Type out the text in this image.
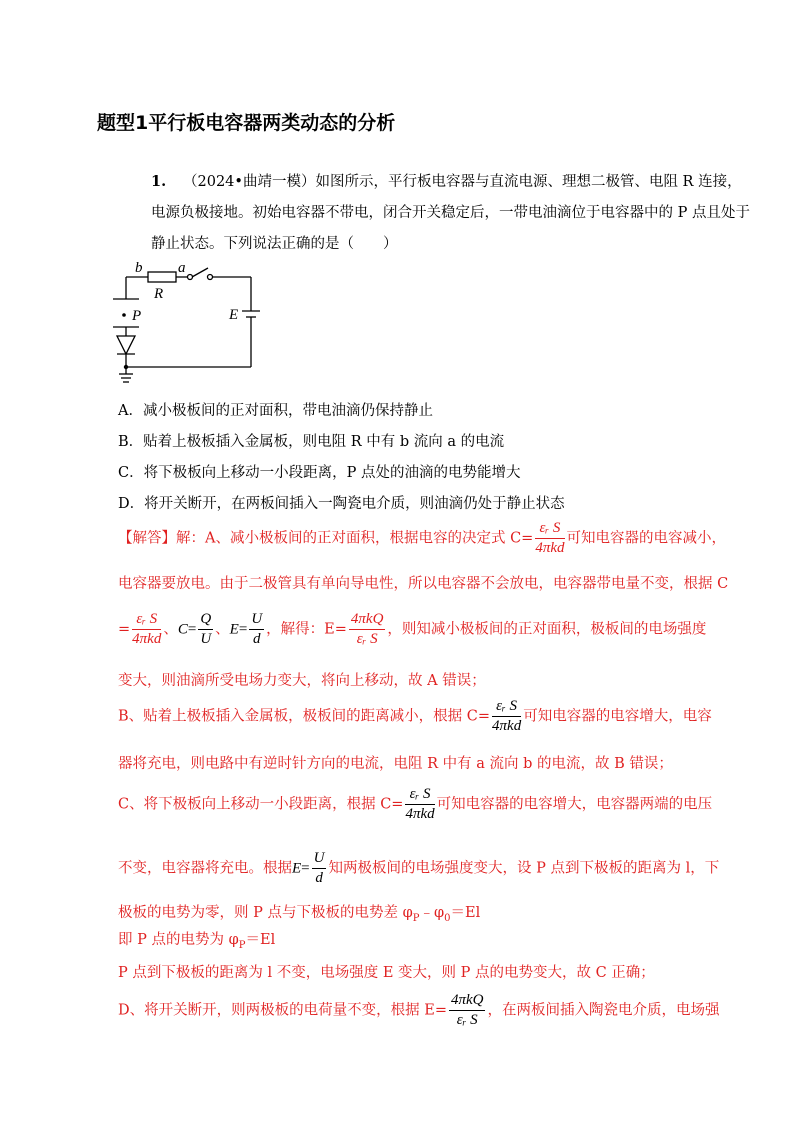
题型1平行板电容器两类动态的分析
1. （2024•曲靖一模）如图所示，平行板电容器与直流电源、理想二极管、电阻 R 连接，
电源负极接地。初始电容器不带电，闭合开关稳定后，一带电油滴位于电容器中的 P 点且处于
静止状态。下列说法正确的是（　　）
b a
R
E
P
A．减小极板间的正对面积，带电油滴仍保持静止
B．贴着上极板插入金属板，则电阻 R 中有 b 流向 a 的电流
C．将下极板向上移动一小段距离，P 点处的油滴的电势能增大
D．将开关断开，在两板间插入一陶瓷电介质，则油滴仍处于静止状态
【解答】解：A、减小极板间的正对面积，根据电容的决定式 $C= \frac{\text{εᵣ S}}{\text{4πkd}}$ 可知电容器的电容减小，
电容器要放电。由于二极管具有单向导电性，所以电容器不会放电，电容器带电量不变，根据 C
= $\frac{\text{εᵣ S}}{\text{4πkd}}$ 、$C= \frac{Q}{U}$ 、$E= \frac{U}{d}$ ，解得：$E= \frac{\text{4πkQ}}{\text{εᵣ S}}$ ，则知减小极板间的正对面积，极板间的电场强度
变大，则油滴所受电场力变大，将向上移动，故 A 错误；
B、贴着上极板插入金属板，极板间的距离减小，根据 $C= \frac{\text{εᵣ S}}{\text{4πkd}}$ 可知电容器的电容增大，电容
器将充电，则电路中有逆时针方向的电流，电阻 R 中有 a 流向 b 的电流，故 B 错误；
C、将下极板向上移动一小段距离，根据 $C= \frac{\text{εᵣ S}}{\text{4πkd}}$ 可知电容器的电容增大，电容器两端的电压
不变，电容器将充电。根据$E= \frac{U}{d}$ 知两极板间的电场强度变大，设 P 点到下极板的距离为 l，下
极板的电势为零，则 P 点与下极板的电势差 $\varphi_P﹣\varphi_0=El$
即 P 点的电势为 $\varphi_P=El$
P 点到下极板的距离为 l 不变，电场强度 E 变大，则 P 点的电势变大，故 C 正确；
D、将开关断开，则两极板的电荷量不变，根据 $E= \frac{\text{4πkQ}}{\text{εᵣ S}}$ ，在两板间插入陶瓷电介质，电场强
